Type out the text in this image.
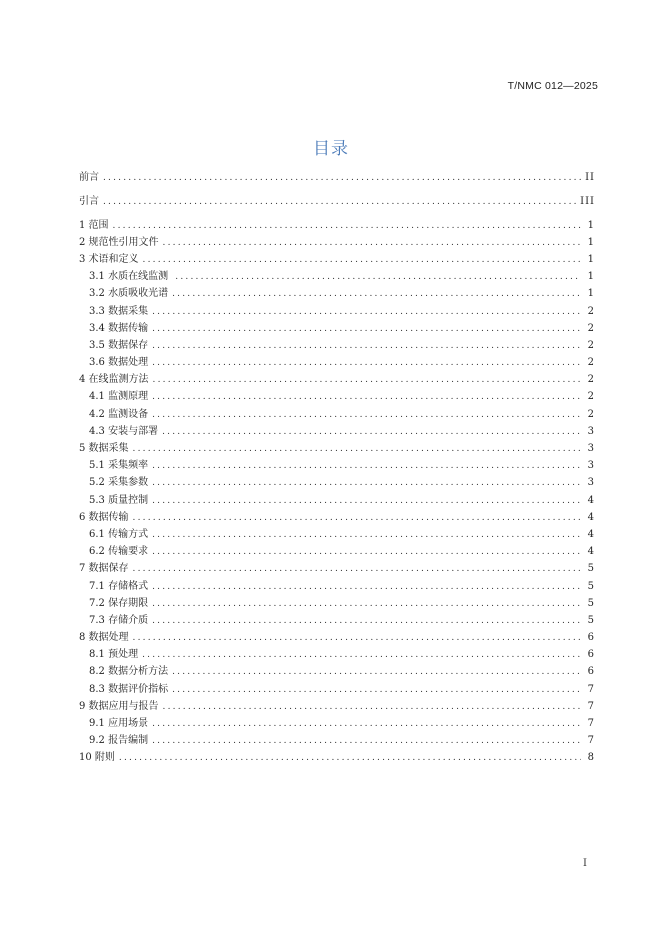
T/NMC 012—2025
目录
前言 .....	II
引言 .....	III
1 范围 .....	1
2 规范性引用文件 .....	1
3 术语和定义 .....	1
3.1 水质在线监测 .....	1
3.2 水质吸收光谱 .....	1
3.3 数据采集 .....	2
3.4 数据传输 .....	2
3.5 数据保存 .....	2
3.6 数据处理 .....	2
4 在线监测方法 .....	2
4.1 监测原理 .....	2
4.2 监测设备 .....	2
4.3 安装与部署 .....	3
5 数据采集 .....	3
5.1 采集频率 .....	3
5.2 采集参数 .....	3
5.3 质量控制 .....	4
6 数据传输 .....	4
6.1 传输方式 .....	4
6.2 传输要求 .....	4
7 数据保存 .....	5
7.1 存储格式 .....	5
7.2 保存期限 .....	5
7.3 存储介质 .....	5
8 数据处理 .....	6
8.1 预处理 .....	6
8.2 数据分析方法 .....	6
8.3 数据评价指标 .....	7
9 数据应用与报告 .....	7
9.1 应用场景 .....	7
9.2 报告编制 .....	7
10 附则 .....	8
I
